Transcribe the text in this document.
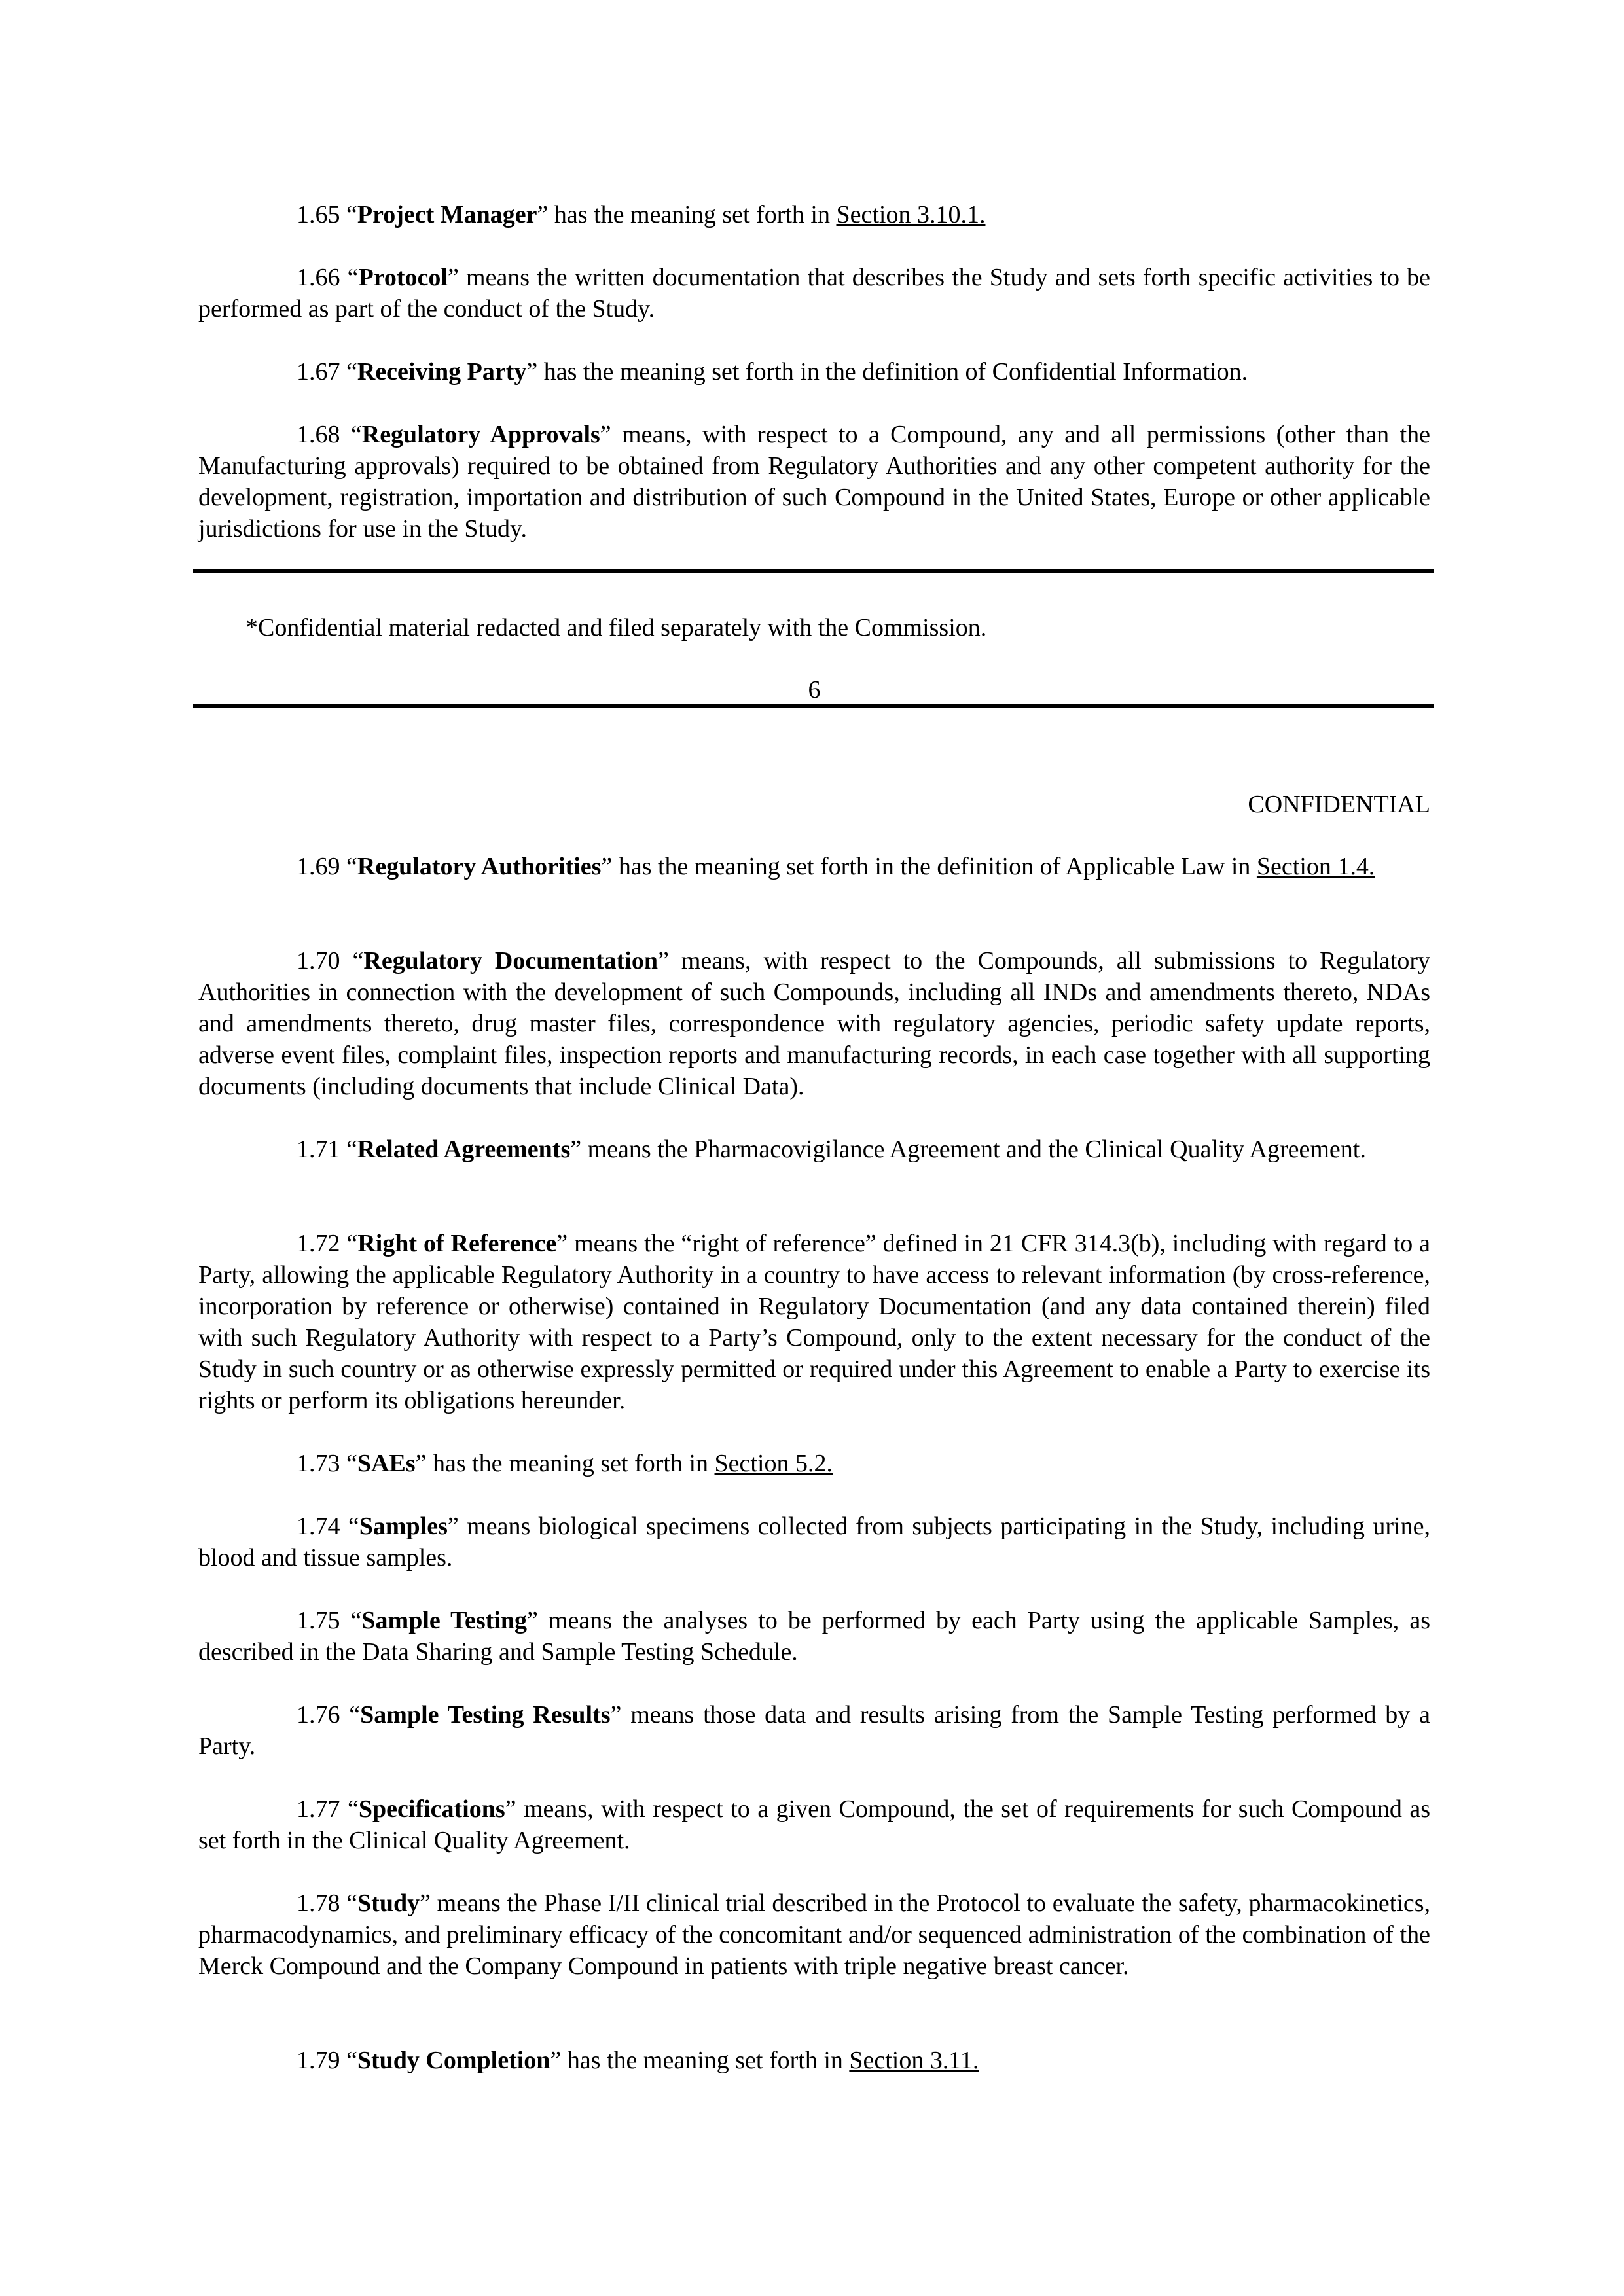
1.65 “Project Manager” has the meaning set forth in Section 3.10.1.

1.66 “Protocol” means the written documentation that describes the Study and sets forth specific activities to be performed as part of the conduct of the Study.

1.67 “Receiving Party” has the meaning set forth in the definition of Confidential Information.

1.68 “Regulatory Approvals” means, with respect to a Compound, any and all permissions (other than the Manufacturing approvals) required to be obtained from Regulatory Authorities and any other competent authority for the development, registration, importation and distribution of such Compound in the United States, Europe or other applicable jurisdictions for use in the Study.

*Confidential material redacted and filed separately with the Commission.

6

CONFIDENTIAL

1.69 “Regulatory Authorities” has the meaning set forth in the definition of Applicable Law in Section 1.4.

1.70 “Regulatory Documentation” means, with respect to the Compounds, all submissions to Regulatory Authorities in connection with the development of such Compounds, including all INDs and amendments thereto, NDAs and amendments thereto, drug master files, correspondence with regulatory agencies, periodic safety update reports, adverse event files, complaint files, inspection reports and manufacturing records, in each case together with all supporting documents (including documents that include Clinical Data).

1.71 “Related Agreements” means the Pharmacovigilance Agreement and the Clinical Quality Agreement.

1.72 “Right of Reference” means the “right of reference” defined in 21 CFR 314.3(b), including with regard to a Party, allowing the applicable Regulatory Authority in a country to have access to relevant information (by cross-reference, incorporation by reference or otherwise) contained in Regulatory Documentation (and any data contained therein) filed with such Regulatory Authority with respect to a Party’s Compound, only to the extent necessary for the conduct of the Study in such country or as otherwise expressly permitted or required under this Agreement to enable a Party to exercise its rights or perform its obligations hereunder.

1.73 “SAEs” has the meaning set forth in Section 5.2.

1.74 “Samples” means biological specimens collected from subjects participating in the Study, including urine, blood and tissue samples.

1.75 “Sample Testing” means the analyses to be performed by each Party using the applicable Samples, as described in the Data Sharing and Sample Testing Schedule.

1.76 “Sample Testing Results” means those data and results arising from the Sample Testing performed by a Party.

1.77 “Specifications” means, with respect to a given Compound, the set of requirements for such Compound as set forth in the Clinical Quality Agreement.

1.78 “Study” means the Phase I/II clinical trial described in the Protocol to evaluate the safety, pharmacokinetics, pharmacodynamics, and preliminary efficacy of the concomitant and/or sequenced administration of the combination of the Merck Compound and the Company Compound in patients with triple negative breast cancer.

1.79 “Study Completion” has the meaning set forth in Section 3.11.
